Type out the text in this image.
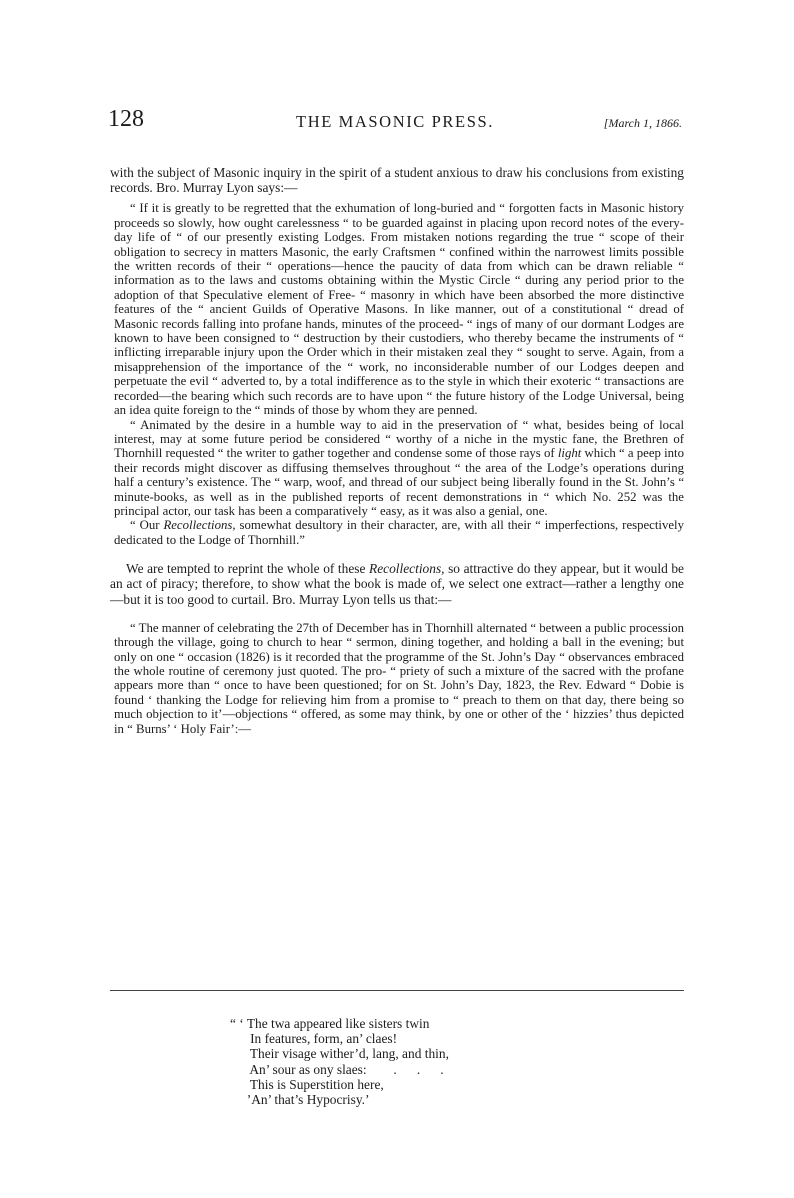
128	THE MASONIC PRESS.	[March 1, 1866.

with the subject of Masonic inquiry in the spirit of a student anxious to draw his conclusions from existing records. Bro. Murray Lyon says:—

“ If it is greatly to be regretted that the exhumation of long-buried and “ forgotten facts in Masonic history proceeds so slowly, how ought carelessness “ to be guarded against in placing upon record notes of the every-day life of “ of our presently existing Lodges. From mistaken notions regarding the true “ scope of their obligation to secrecy in matters Masonic, the early Craftsmen “ confined within the narrowest limits possible the written records of their “ operations—hence the paucity of data from which can be drawn reliable “ information as to the laws and customs obtaining within the Mystic Circle “ during any period prior to the adoption of that Speculative element of Free- “ masonry in which have been absorbed the more distinctive features of the “ ancient Guilds of Operative Masons. In like manner, out of a constitutional “ dread of Masonic records falling into profane hands, minutes of the proceed- “ ings of many of our dormant Lodges are known to have been consigned to “ destruction by their custodiers, who thereby became the instruments of “ inflicting irreparable injury upon the Order which in their mistaken zeal they “ sought to serve. Again, from a misapprehension of the importance of the “ work, no inconsiderable number of our Lodges deepen and perpetuate the evil “ adverted to, by a total indifference as to the style in which their exoteric “ transactions are recorded—the bearing which such records are to have upon “ the future history of the Lodge Universal, being an idea quite foreign to the “ minds of those by whom they are penned.

“ Animated by the desire in a humble way to aid in the preservation of “ what, besides being of local interest, may at some future period be considered “ worthy of a niche in the mystic fane, the Brethren of Thornhill requested “ the writer to gather together and condense some of those rays of light which “ a peep into their records might discover as diffusing themselves throughout “ the area of the Lodge’s operations during half a century’s existence. The “ warp, woof, and thread of our subject being liberally found in the St. John’s “ minute-books, as well as in the published reports of recent demonstrations in “ which No. 252 was the principal actor, our task has been a comparatively “ easy, as it was also a genial, one.

“ Our Recollections, somewhat desultory in their character, are, with all their “ imperfections, respectively dedicated to the Lodge of Thornhill.”

We are tempted to reprint the whole of these Recollections, so attractive do they appear, but it would be an act of piracy; therefore, to show what the book is made of, we select one extract—rather a lengthy one—but it is too good to curtail. Bro. Murray Lyon tells us that:—

“ The manner of celebrating the 27th of December has in Thornhill alternated “ between a public procession through the village, going to church to hear “ sermon, dining together, and holding a ball in the evening; but only on one “ occasion (1826) is it recorded that the programme of the St. John’s Day “ observances embraced the whole routine of ceremony just quoted. The pro- “ priety of such a mixture of the sacred with the profane appears more than “ once to have been questioned; for on St. John’s Day, 1823, the Rev. Edward “ Dobie is found ‘ thanking the Lodge for relieving him from a promise to “ preach to them on that day, there being so much objection to it’—objections “ offered, as some may think, by one or other of the ‘ hizzies’ thus depicted in “ Burns’ ‘ Holy Fair’:—

“ ‘ The twa appeared like sisters twin
In features, form, an’ claes!
Their visage wither’d, lang, and thin,
An’ sour as ony slaes:        .      .      .
This is Superstition here,
’An’ that’s Hypocrisy.’
